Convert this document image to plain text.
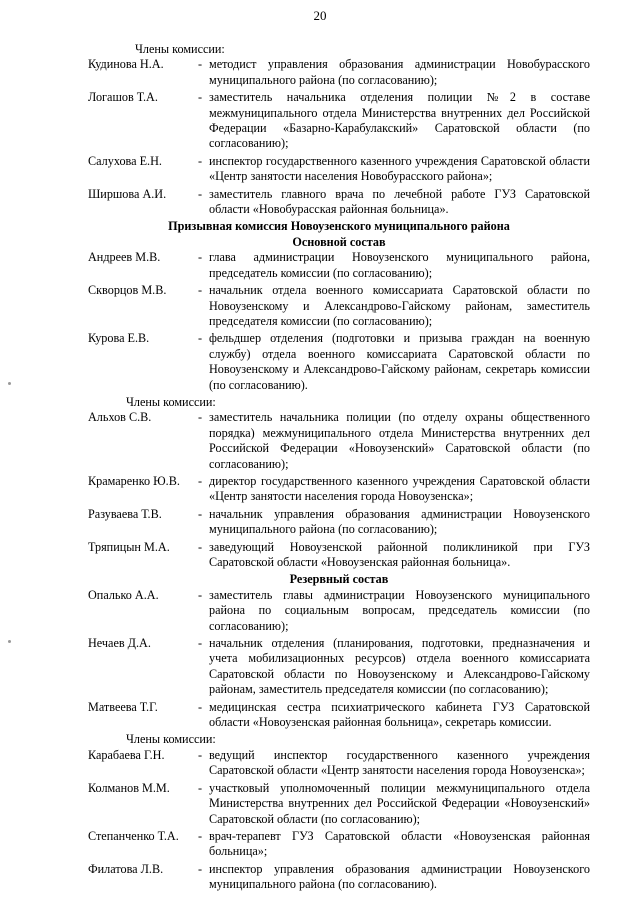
20
Члены комиссии:
Кудинова Н.А.	- методист управления образования администрации Новобурасского муниципального района (по согласованию);
Логашов Т.А.	- заместитель начальника отделения полиции №2 в составе межмуниципального отдела Министерства внутренних дел Российской Федерации «Базарно-Карабулакский» Саратовской области (по согласованию);
Салухова Е.Н.	- инспектор государственного казенного учреждения Саратовской области «Центр занятости населения Новобурасского района»;
Ширшова А.И.	- заместитель главного врача по лечебной работе ГУЗ Саратовской области «Новобурасская районная больница».
Призывная комиссия Новоузенского муниципального района
Основной состав
Андреев М.В.	- глава администрации Новоузенского муниципального района, председатель комиссии (по согласованию);
Скворцов М.В.	- начальник отдела военного комиссариата Саратовской области по Новоузенскому и Александрово-Гайскому районам, заместитель председателя комиссии (по согласованию);
Курова Е.В.	- фельдшер отделения (подготовки и призыва граждан на военную службу) отдела военного комиссариата Саратовской области по Новоузенскому и Александрово-Гайскому районам, секретарь комиссии (по согласованию).
Члены комиссии:
Альхов С.В.	- заместитель начальника полиции (по отделу охраны общественного порядка) межмуниципального отдела Министерства внутренних дел Российской Федерации «Новоузенский» Саратовской области (по согласованию);
Крамаренко Ю.В.	- директор государственного казенного учреждения Саратовской области «Центр занятости населения города Новоузенска»;
Разуваева Т.В.	- начальник управления образования администрации Новоузенского муниципального района (по согласованию);
Тряпицын М.А.	- заведующий Новоузенской районной поликлиникой при ГУЗ Саратовской области «Новоузенская районная больница».
Резервный состав
Опалько А.А.	- заместитель главы администрации Новоузенского муниципального района по социальным вопросам, председатель комиссии (по согласованию);
Нечаев Д.А.	- начальник отделения (планирования, подготовки, предназначения и учета мобилизационных ресурсов) отдела военного комиссариата Саратовской области по Новоузенскому и Александрово-Гайскому районам, заместитель председателя комиссии (по согласованию);
Матвеева Т.Г.	- медицинская сестра психиатрического кабинета ГУЗ Саратовской области «Новоузенская районная больница», секретарь комиссии.
Члены комиссии:
Карабаева Г.Н.	- ведущий инспектор государственного казенного учреждения Саратовской области «Центр занятости населения города Новоузенска»;
Колманов М.М.	- участковый уполномоченный полиции межмуниципального отдела Министерства внутренних дел Российской Федерации «Новоузенский» Саратовской области (по согласованию);
Степанченко Т.А.	- врач-терапевт ГУЗ Саратовской области «Новоузенская районная больница»;
Филатова Л.В.	- инспектор управления образования администрации Новоузенского муниципального района (по согласованию).
